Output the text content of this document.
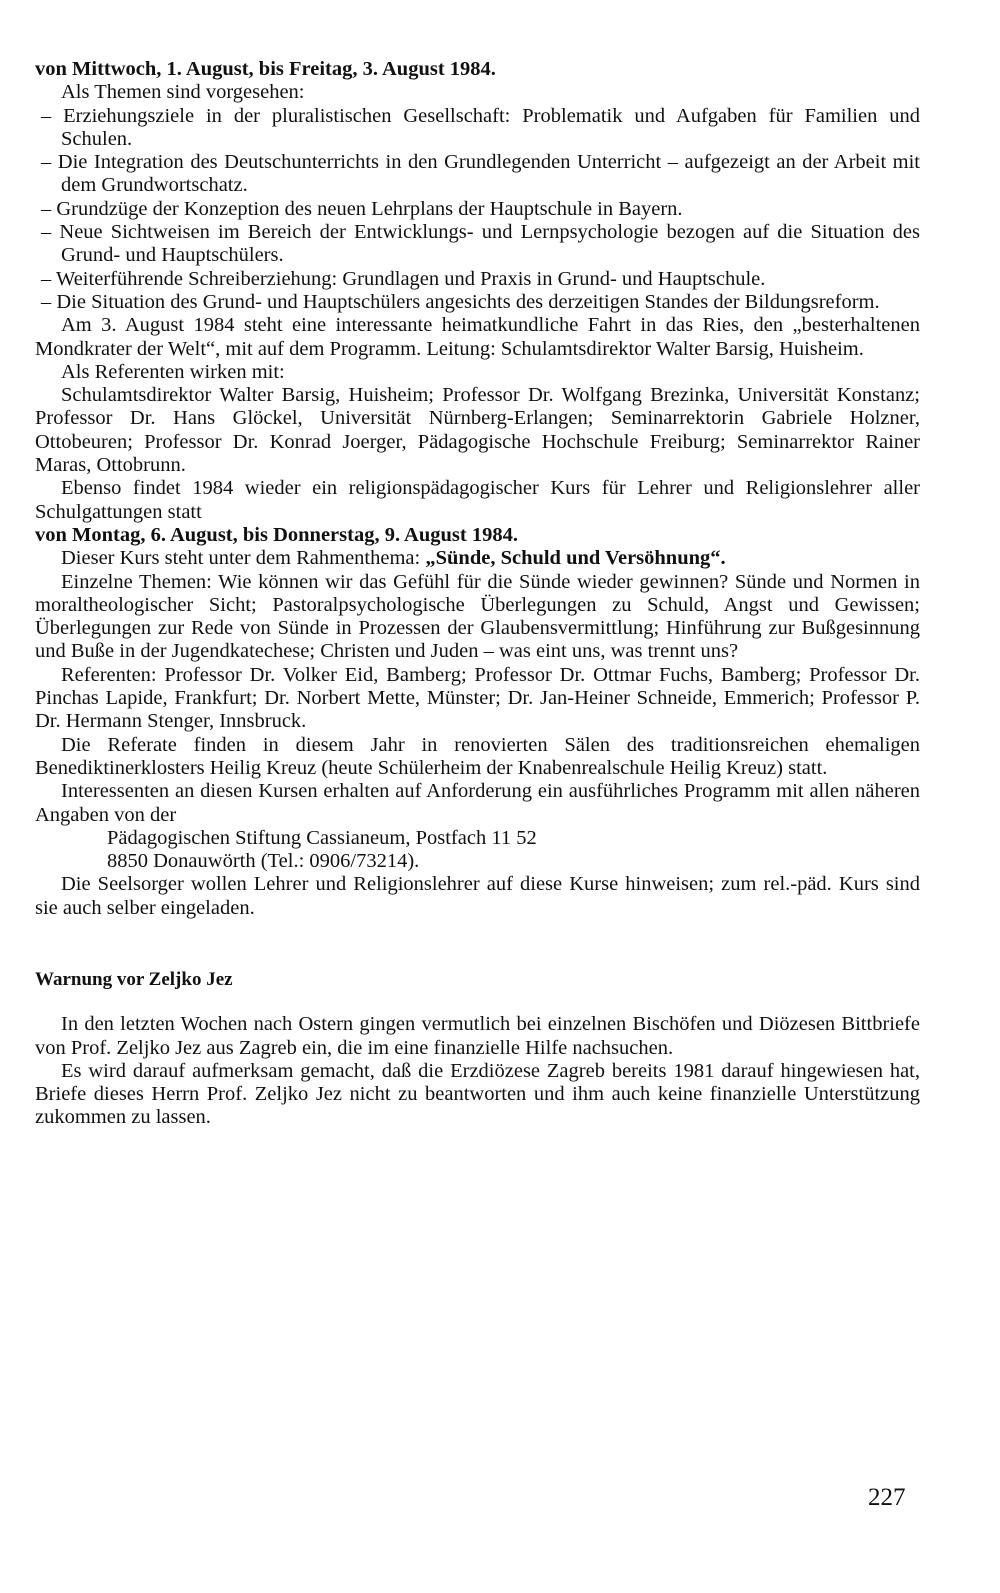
von Mittwoch, 1. August, bis Freitag, 3. August 1984.

Als Themen sind vorgesehen:

– Erziehungsziele in der pluralistischen Gesellschaft: Problematik und Aufgaben für Familien und Schulen.

– Die Integration des Deutschunterrichts in den Grundlegenden Unterricht – aufgezeigt an der Arbeit mit dem Grundwortschatz.

– Grundzüge der Konzeption des neuen Lehrplans der Hauptschule in Bayern.

– Neue Sichtweisen im Bereich der Entwicklungs- und Lernpsychologie bezogen auf die Situation des Grund- und Hauptschülers.

– Weiterführende Schreiberziehung: Grundlagen und Praxis in Grund- und Hauptschule.

– Die Situation des Grund- und Hauptschülers angesichts des derzeitigen Standes der Bildungsreform.

Am 3. August 1984 steht eine interessante heimatkundliche Fahrt in das Ries, den „besterhaltenen Mondkrater der Welt“, mit auf dem Programm. Leitung: Schulamtsdirektor Walter Barsig, Huisheim.

Als Referenten wirken mit:

Schulamtsdirektor Walter Barsig, Huisheim; Professor Dr. Wolfgang Brezinka, Universität Konstanz; Professor Dr. Hans Glöckel, Universität Nürnberg-Erlangen; Seminarrektorin Gabriele Holzner, Ottobeuren; Professor Dr. Konrad Joerger, Pädagogische Hochschule Freiburg; Seminarrektor Rainer Maras, Ottobrunn.

Ebenso findet 1984 wieder ein religionspädagogischer Kurs für Lehrer und Religionslehrer aller Schulgattungen statt

von Montag, 6. August, bis Donnerstag, 9. August 1984.

Dieser Kurs steht unter dem Rahmenthema: „Sünde, Schuld und Versöhnung“.

Einzelne Themen: Wie können wir das Gefühl für die Sünde wieder gewinnen? Sünde und Normen in moraltheologischer Sicht; Pastoralpsychologische Überlegungen zu Schuld, Angst und Gewissen; Überlegungen zur Rede von Sünde in Prozessen der Glaubensvermittlung; Hinführung zur Bußgesinnung und Buße in der Jugendkatechese; Christen und Juden – was eint uns, was trennt uns?

Referenten: Professor Dr. Volker Eid, Bamberg; Professor Dr. Ottmar Fuchs, Bamberg; Professor Dr. Pinchas Lapide, Frankfurt; Dr. Norbert Mette, Münster; Dr. Jan-Heiner Schneide, Emmerich; Professor P. Dr. Hermann Stenger, Innsbruck.

Die Referate finden in diesem Jahr in renovierten Sälen des traditionsreichen ehemaligen Benediktinerklosters Heilig Kreuz (heute Schülerheim der Knabenrealschule Heilig Kreuz) statt.

Interessenten an diesen Kursen erhalten auf Anforderung ein ausführliches Programm mit allen näheren Angaben von der

Pädagogischen Stiftung Cassianeum, Postfach 11 52

8850 Donauwörth (Tel.: 0906/73214).

Die Seelsorger wollen Lehrer und Religionslehrer auf diese Kurse hinweisen; zum rel.-päd. Kurs sind sie auch selber eingeladen.

Warnung vor Zeljko Jez

In den letzten Wochen nach Ostern gingen vermutlich bei einzelnen Bischöfen und Diözesen Bittbriefe von Prof. Zeljko Jez aus Zagreb ein, die im eine finanzielle Hilfe nachsuchen.

Es wird darauf aufmerksam gemacht, daß die Erzdiözese Zagreb bereits 1981 darauf hingewiesen hat, Briefe dieses Herrn Prof. Zeljko Jez nicht zu beantworten und ihm auch keine finanzielle Unterstützung zukommen zu lassen.

227
